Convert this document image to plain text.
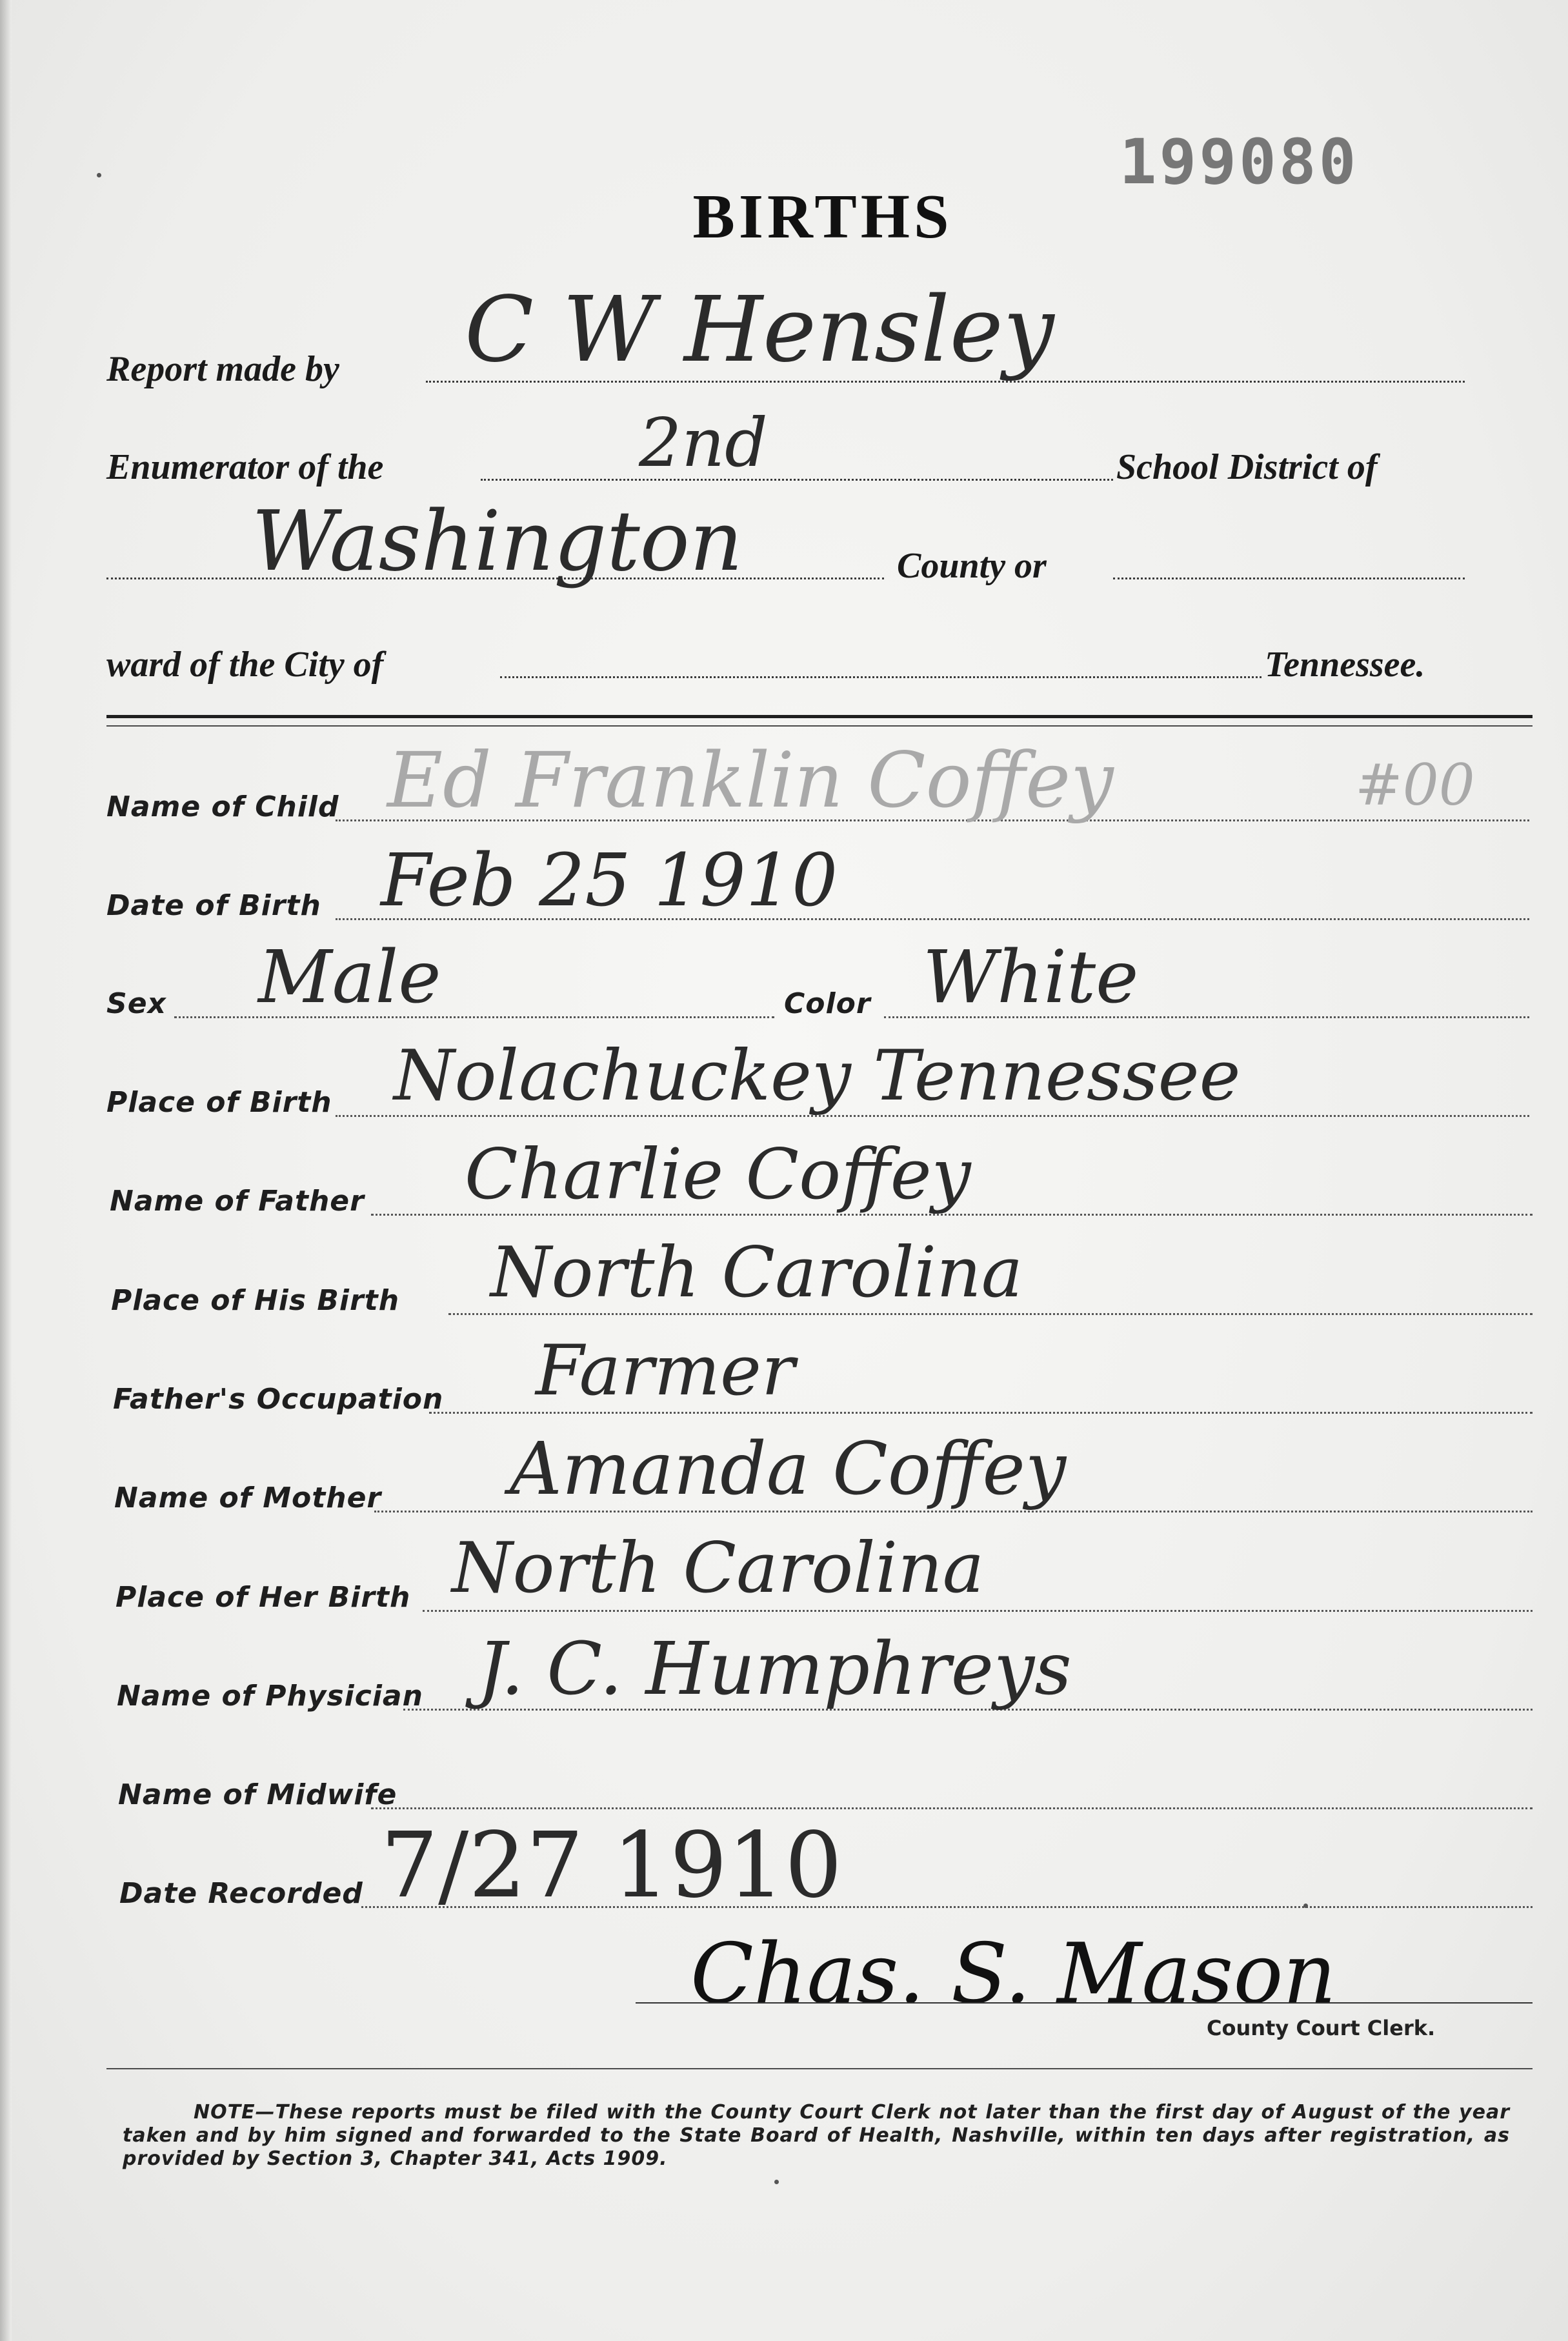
199080
BIRTHS
Report made by C W Hensley
Enumerator of the	2nd	School District of
Washington	County or
ward of the City of	Tennessee.
Name of Child Ed Franklin Coffey	#00
Date of Birth Feb 25 1910
Sex Male	Color White
Place of Birth Nolachuckey Tennessee
Name of Father Charlie Coffey
Place of His Birth North Carolina
Father's Occupation Farmer
Name of Mother Amanda Coffey
Place of Her Birth North Carolina
Name of Physician J. C. Humphreys
Name of Midwife
Date Recorded 7/27 1910
Chas. S. Mason
County Court Clerk.
NOTE—These reports must be filed with the County Court Clerk not later than the first day of August of the year taken and by him signed and forwarded to the State Board of Health, Nashville, within ten days after registration, as provided by Section 3, Chapter 341, Acts 1909.
